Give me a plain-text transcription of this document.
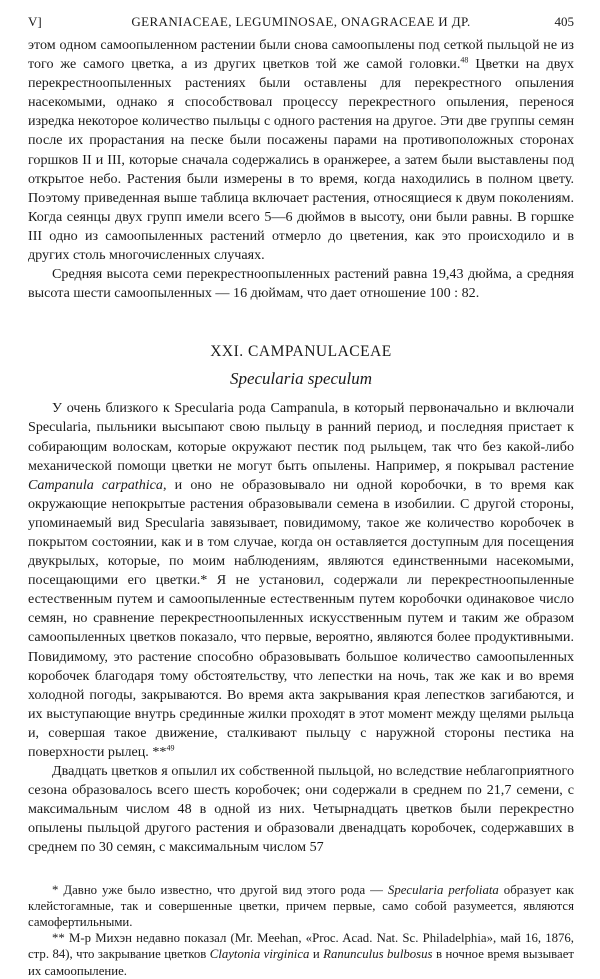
V]	GERANIACEAE, LEGUMINOSAE, ONAGRACEAE И ДР.	405

этом одном самоопыленном растении были снова самоопылены под сеткой пыльцой не из того же самого цветка, а из других цветков той же самой головки.$^{48}$ Цветки на двух перекрестноопыленных растениях были оставлены для перекрестного опыления насекомыми, однако я способствовал процессу перекрестного опыления, перенося изредка некоторое количество пыльцы с одного растения на другое. Эти две группы семян после их прорастания на песке были посажены парами на противоположных сторонах горшков II и III, которые сначала содержались в оранжерее, а затем были выставлены под открытое небо. Растения были измерены в то время, когда находились в полном цвету. Поэтому приведенная выше таблица включает растения, относящиеся к двум поколениям. Когда сеянцы двух групп имели всего 5—6 дюймов в высоту, они были равны. В горшке III одно из самоопыленных растений отмерло до цветения, как это происходило и в других столь многочисленных случаях.

Средняя высота семи перекрестноопыленных растений равна 19,43 дюйма, а средняя высота шести самоопыленных — 16 дюймам, что дает отношение 100 : 82.

XXI. CAMPANULACEAE
Specularia speculum

У очень близкого к Specularia рода Campanula, в который первоначально и включали Specularia, пыльники высыпают свою пыльцу в ранний период, и последняя пристает к собирающим волоскам, которые окружают пестик под рыльцем, так что без какой-либо механической помощи цветки не могут быть опылены. Например, я покрывал растение Campanula carpathica, и оно не образовывало ни одной коробочки, в то время как окружающие непокрытые растения образовывали семена в изобилии. С другой стороны, упоминаемый вид Specularia завязывает, повидимому, такое же количество коробочек в покрытом состоянии, как и в том случае, когда он оставляется доступным для посещения двукрылых, которые, по моим наблюдениям, являются единственными насекомыми, посещающими его цветки.* Я не установил, содержали ли перекрестноопыленные естественным путем и самоопыленные естественным путем коробочки одинаковое число семян, но сравнение перекрестноопыленных искусственным путем и таким же образом самоопыленных цветков показало, что первые, вероятно, являются более продуктивными. Повидимому, это растение способно образовывать большое количество самоопыленных коробочек благодаря тому обстоятельству, что лепестки на ночь, так же как и во время холодной погоды, закрываются. Во время акта закрывания края лепестков загибаются, и их выступающие внутрь срединные жилки проходят в этот момент между щелями рыльца и, совершая такое движение, сталкивают пыльцу с наружной стороны пестика на поверхности рылец. **$^{49}$

Двадцать цветков я опылил их собственной пыльцой, но вследствие неблагоприятного сезона образовалось всего шесть коробочек; они содержали в среднем по 21,7 семени, с максимальным числом 48 в одной из них. Четырнадцать цветков были перекрестно опылены пыльцой другого растения и образовали двенадцать коробочек, содержавших в среднем по 30 семян, с максимальным числом 57

* Давно уже было известно, что другой вид этого рода — Specularia perfoliata образует как клейстогамные, так и совершенные цветки, причем первые, само собой разумеется, являются самофертильными.

** М-р Михэн недавно показал (Mr. Meehan, «Proc. Acad. Nat. Sc. Philadelphia», май 16, 1876, стр. 84), что закрывание цветков Claytonia virginica и Ranunculus bulbosus в ночное время вызывает их самоопыление.
